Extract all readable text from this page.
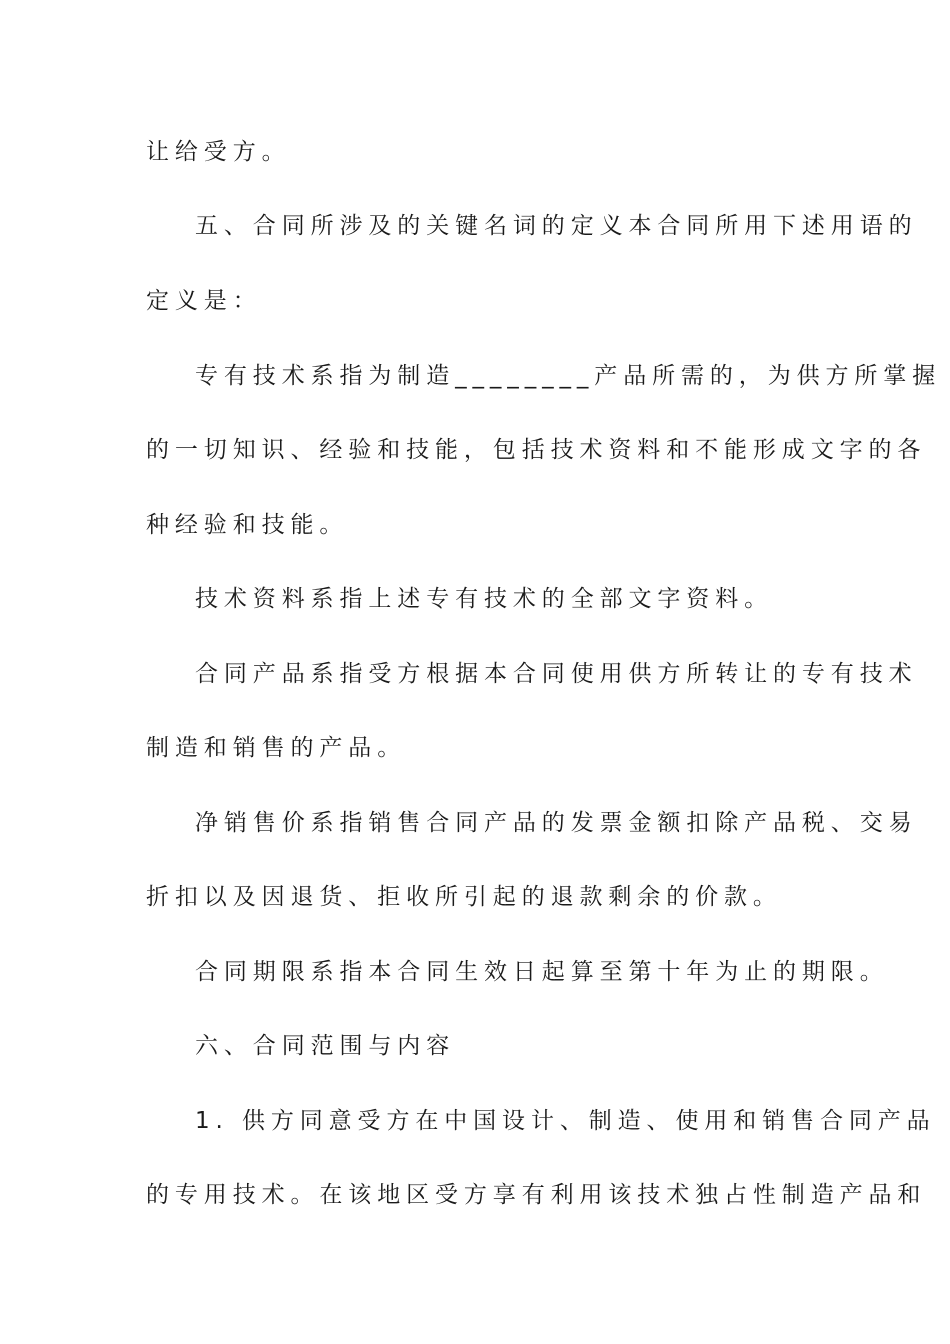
让给受方。
五、合同所涉及的关键名词的定义本合同所用下述用语的
定义是：
专有技术系指为制造________产品所需的，为供方所掌握
的一切知识、经验和技能，包括技术资料和不能形成文字的各
种经验和技能。
技术资料系指上述专有技术的全部文字资料。
合同产品系指受方根据本合同使用供方所转让的专有技术
制造和销售的产品。
净销售价系指销售合同产品的发票金额扣除产品税、交易
折扣以及因退货、拒收所引起的退款剩余的价款。
合同期限系指本合同生效日起算至第十年为止的期限。
六、合同范围与内容
1. 供方同意受方在中国设计、制造、使用和销售合同产品
的专用技术。在该地区受方享有利用该技术独占性制造产品和
